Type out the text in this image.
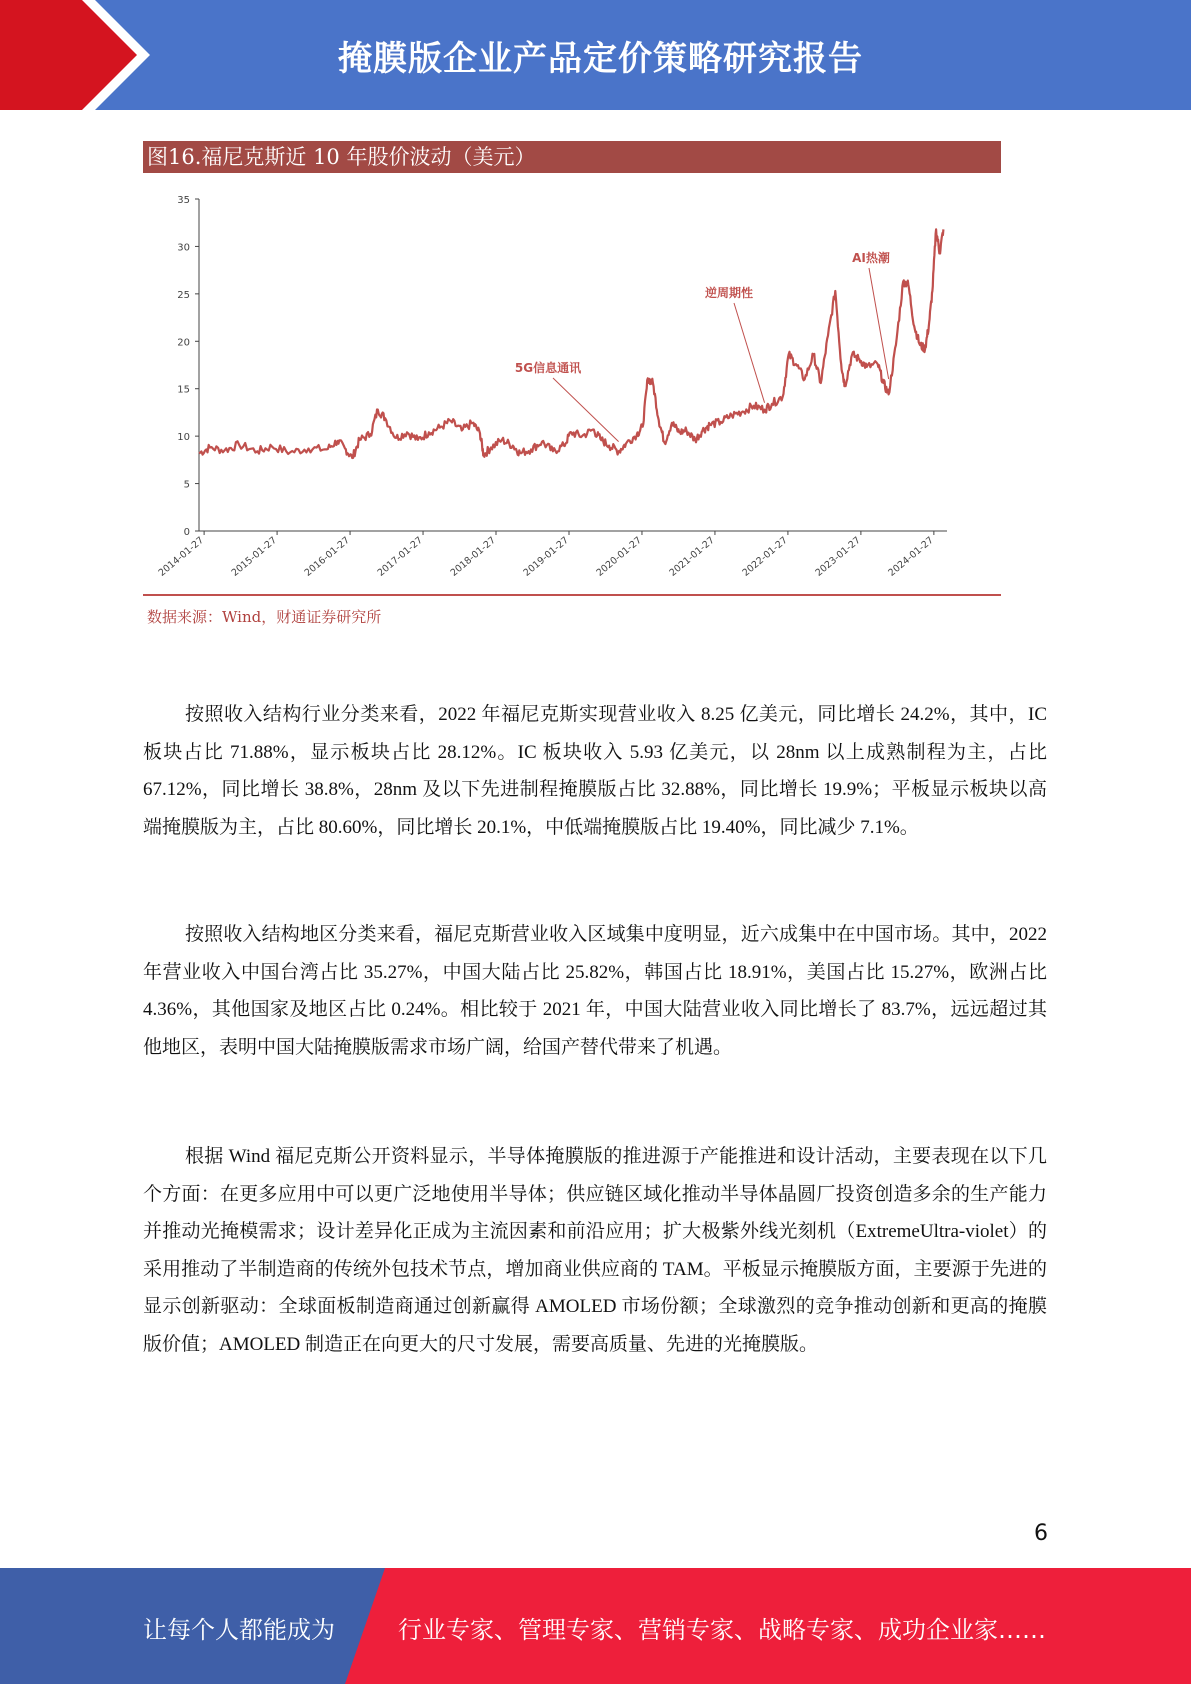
掩膜版企业产品定价策略研究报告
图16.福尼克斯近 10 年股价波动（美元）
0
5
10
15
20
25
30
35
2014-01-27 2015-01-27 2016-01-27 2017-01-27 2018-01-27 2019-01-27 2020-01-27 2021-01-27 2022-01-27 2023-01-27 2024-01-27
5G信息通讯
逆周期性
AI热潮
数据来源：Wind，财通证券研究所

按照收入结构行业分类来看，2022 年福尼克斯实现营业收入 8.25 亿美元，同比增长 24.2%，其中，IC 板块占比 71.88%，显示板块占比 28.12%。IC 板块收入 5.93 亿美元，以 28nm 以上成熟制程为主，占比 67.12%，同比增长 38.8%，28nm 及以下先进制程掩膜版占比 32.88%，同比增长 19.9%；平板显示板块以高端掩膜版为主，占比 80.60%，同比增长 20.1%，中低端掩膜版占比 19.40%，同比减少 7.1%。

按照收入结构地区分类来看，福尼克斯营业收入区域集中度明显，近六成集中在中国市场。其中，2022 年营业收入中国台湾占比 35.27%，中国大陆占比 25.82%，韩国占比 18.91%，美国占比 15.27%，欧洲占比 4.36%，其他国家及地区占比 0.24%。相比较于 2021 年，中国大陆营业收入同比增长了 83.7%，远远超过其他地区，表明中国大陆掩膜版需求市场广阔，给国产替代带来了机遇。

根据 Wind 福尼克斯公开资料显示，半导体掩膜版的推进源于产能推进和设计活动，主要表现在以下几个方面：在更多应用中可以更广泛地使用半导体；供应链区域化推动半导体晶圆厂投资创造多余的生产能力并推动光掩模需求；设计差异化正成为主流因素和前沿应用；扩大极紫外线光刻机（ExtremeUltra-violet）的采用推动了半制造商的传统外包技术节点，增加商业供应商的 TAM。平板显示掩膜版方面，主要源于先进的显示创新驱动：全球面板制造商通过创新赢得 AMOLED 市场份额；全球激烈的竞争推动创新和更高的掩膜版价值；AMOLED 制造正在向更大的尺寸发展，需要高质量、先进的光掩膜版。

6
让每个人都能成为	行业专家、管理专家、营销专家、战略专家、成功企业家……
